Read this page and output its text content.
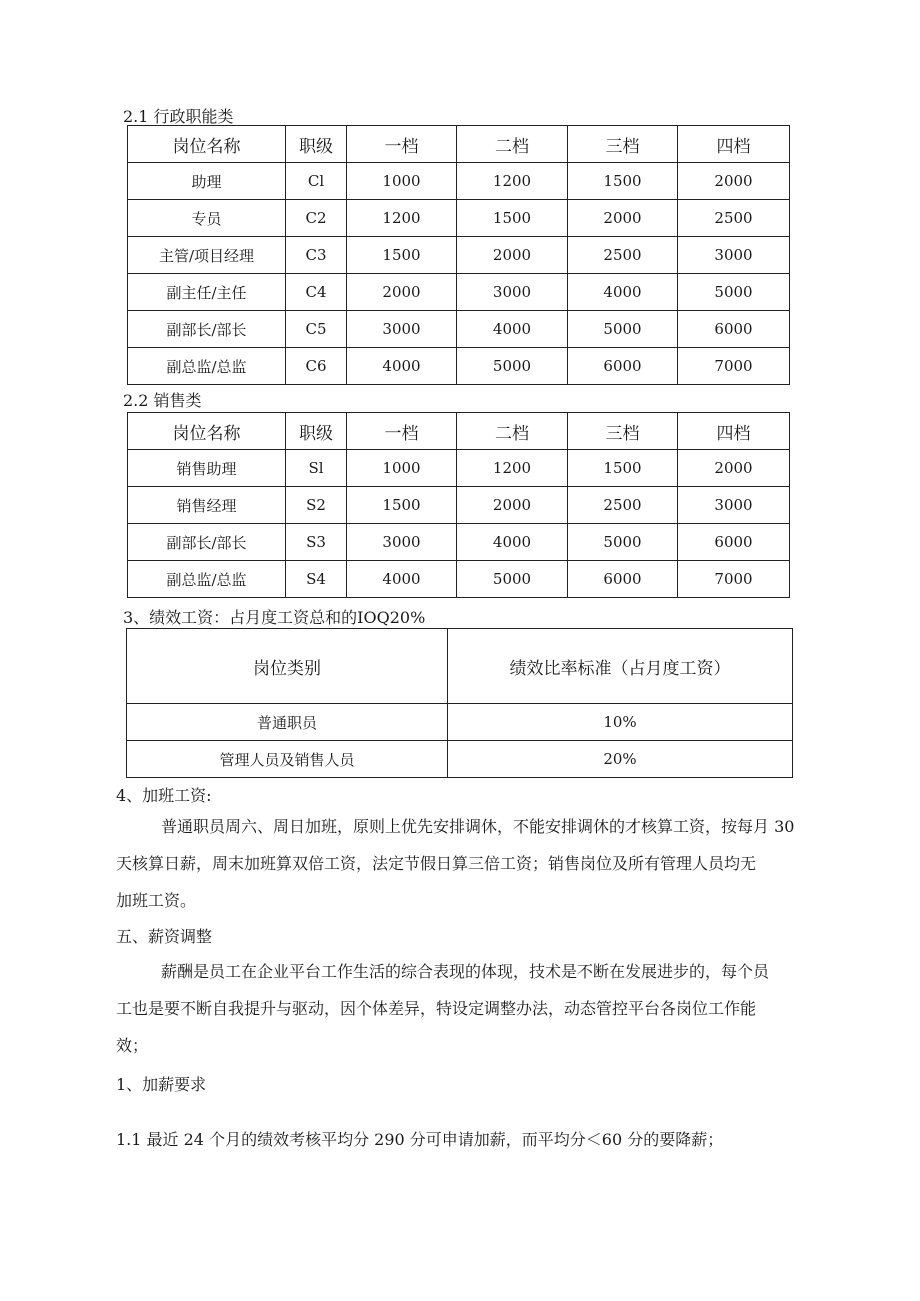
2.1 行政职能类
岗位名称	职级	一档	二档	三档	四档
助理	Cl	1000	1200	1500	2000
专员	C2	1200	1500	2000	2500
主管/项目经理	C3	1500	2000	2500	3000
副主任/主任	C4	2000	3000	4000	5000
副部长/部长	C5	3000	4000	5000	6000
副总监/总监	C6	4000	5000	6000	7000
2.2 销售类
岗位名称	职级	一档	二档	三档	四档
销售助理	Sl	1000	1200	1500	2000
销售经理	S2	1500	2000	2500	3000
副部长/部长	S3	3000	4000	5000	6000
副总监/总监	S4	4000	5000	6000	7000
3、绩效工资：占月度工资总和的IOQ20%
岗位类别	绩效比率标准（占月度工资）
普通职员	10%
管理人员及销售人员	20%
4、加班工资:
普通职员周六、周日加班，原则上优先安排调休，不能安排调休的才核算工资，按每月 30
天核算日薪，周末加班算双倍工资，法定节假日算三倍工资；销售岗位及所有管理人员均无
加班工资。
五、薪资调整
薪酬是员工在企业平台工作生活的综合表现的体现，技术是不断在发展进步的，每个员
工也是要不断自我提升与驱动，因个体差异，特设定调整办法，动态管控平台各岗位工作能
效；
1、加薪要求
1.1 最近 24 个月的绩效考核平均分 290 分可申请加薪，而平均分＜60 分的要降薪；
